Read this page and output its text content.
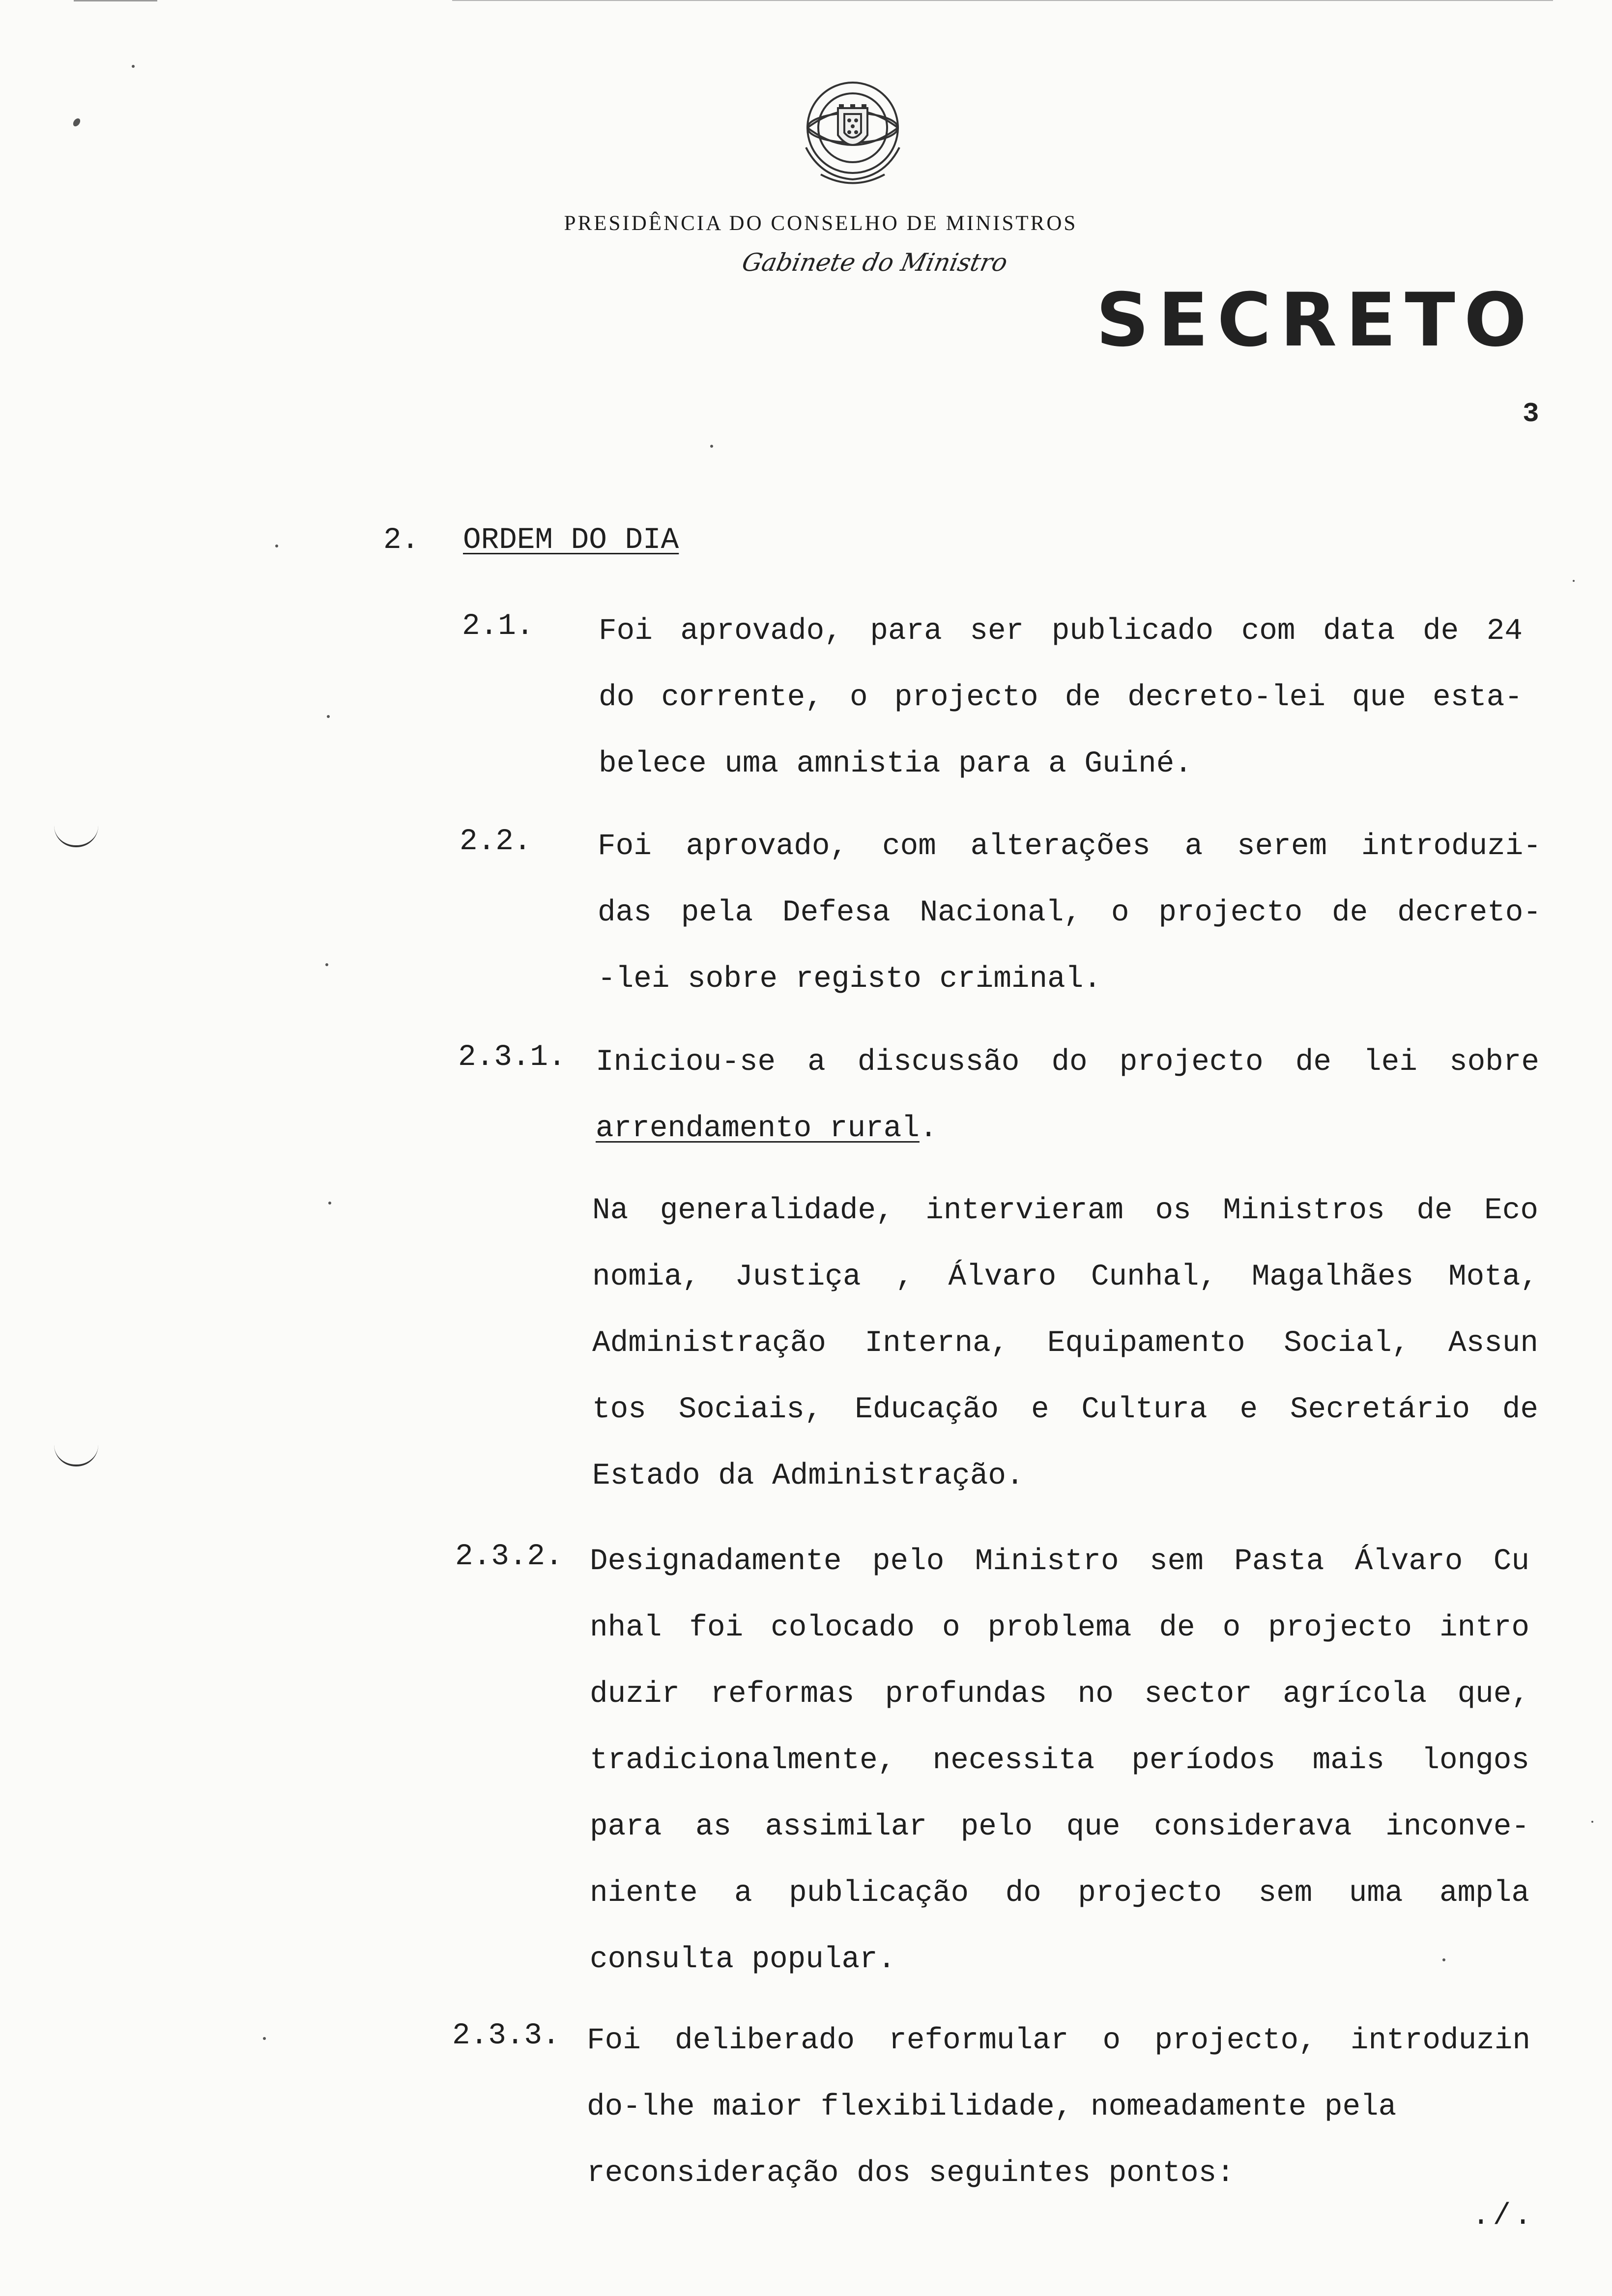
PRESIDÊNCIA DO CONSELHO DE MINISTROS
Gabinete do Ministro
SECRETO
3
2. ORDEM DO DIA
2.1. Foi aprovado, para ser publicado com data de 24
do corrente, o projecto de decreto-lei que esta-
belece uma amnistia para a Guiné.
2.2. Foi aprovado, com alterações a serem introduzi-
das pela Defesa Nacional, o projecto de decreto-
-lei sobre registo criminal.
2.3.1. Iniciou-se a discussão do projecto de lei sobre
arrendamento rural.
Na generalidade, intervieram os Ministros de Eco
nomia, Justiça , Álvaro Cunhal, Magalhães Mota,
Administração Interna, Equipamento Social, Assun
tos Sociais, Educação e Cultura e Secretário de
Estado da Administração.
2.3.2. Designadamente pelo Ministro sem Pasta Álvaro Cu
nhal foi colocado o problema de o projecto intro
duzir reformas profundas no sector agrícola que,
tradicionalmente, necessita períodos mais longos
para as assimilar pelo que considerava inconve-
niente a publicação do projecto sem uma ampla
consulta popular.
2.3.3. Foi deliberado reformular o projecto, introduzin
do-lhe maior flexibilidade, nomeadamente pela
reconsideração dos seguintes pontos:
./.
